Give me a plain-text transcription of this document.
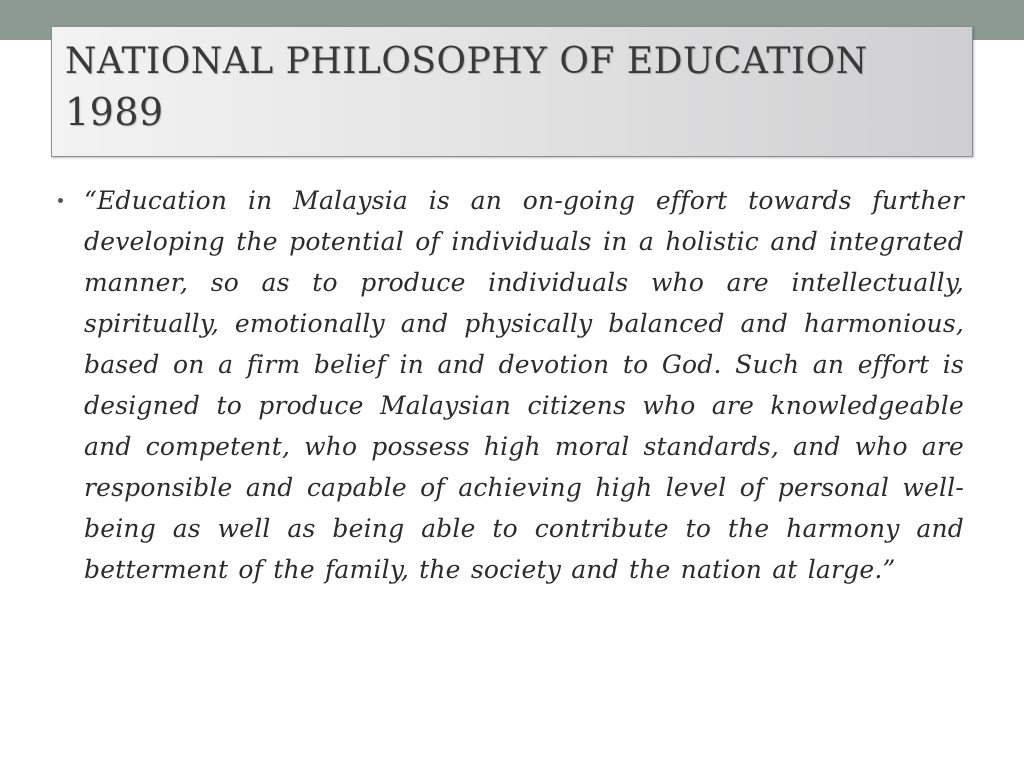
NATIONAL PHILOSOPHY OF EDUCATION
1989

“Education in Malaysia is an on-going effort towards further developing the potential of individuals in a holistic and integrated manner, so as to produce individuals who are intellectually, spiritually, emotionally and physically balanced and harmonious, based on a firm belief in and devotion to God. Such an effort is designed to produce Malaysian citizens who are knowledgeable and competent, who possess high moral standards, and who are responsible and capable of achieving high level of personal well-being as well as being able to contribute to the harmony and betterment of the family, the society and the nation at large.”
